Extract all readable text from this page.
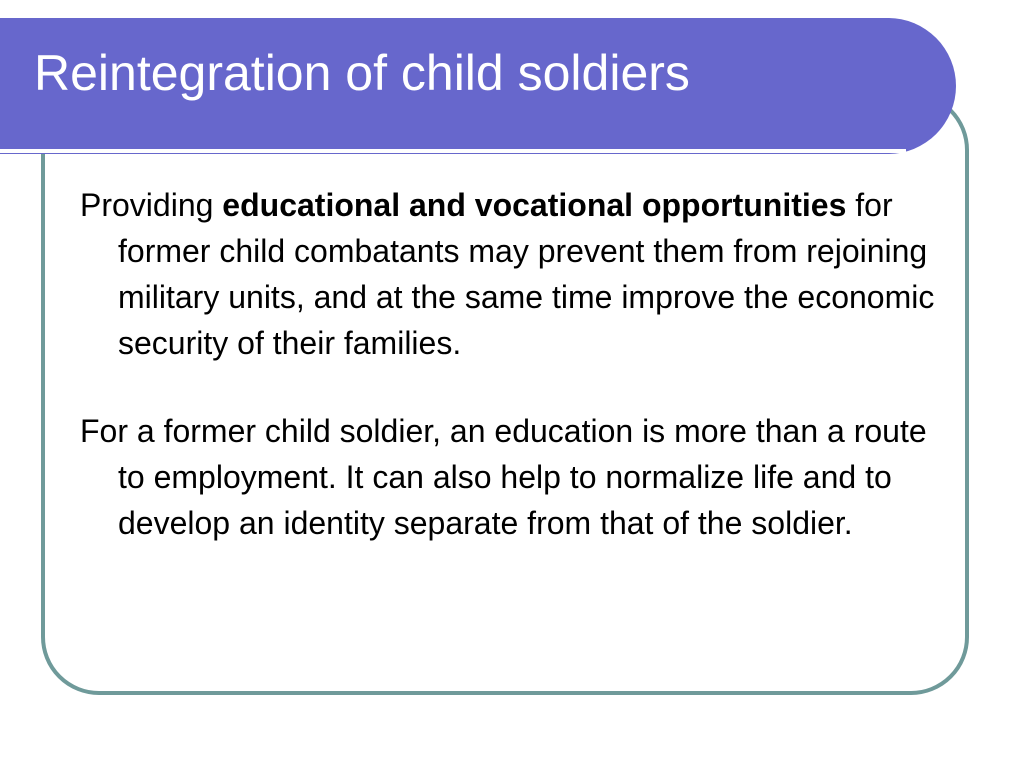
Reintegration of child soldiers

Providing educational and vocational opportunities for former child combatants may prevent them from rejoining military units, and at the same time improve the economic security of their families.

For a former child soldier, an education is more than a route to employment. It can also help to normalize life and to develop an identity separate from that of the soldier.
